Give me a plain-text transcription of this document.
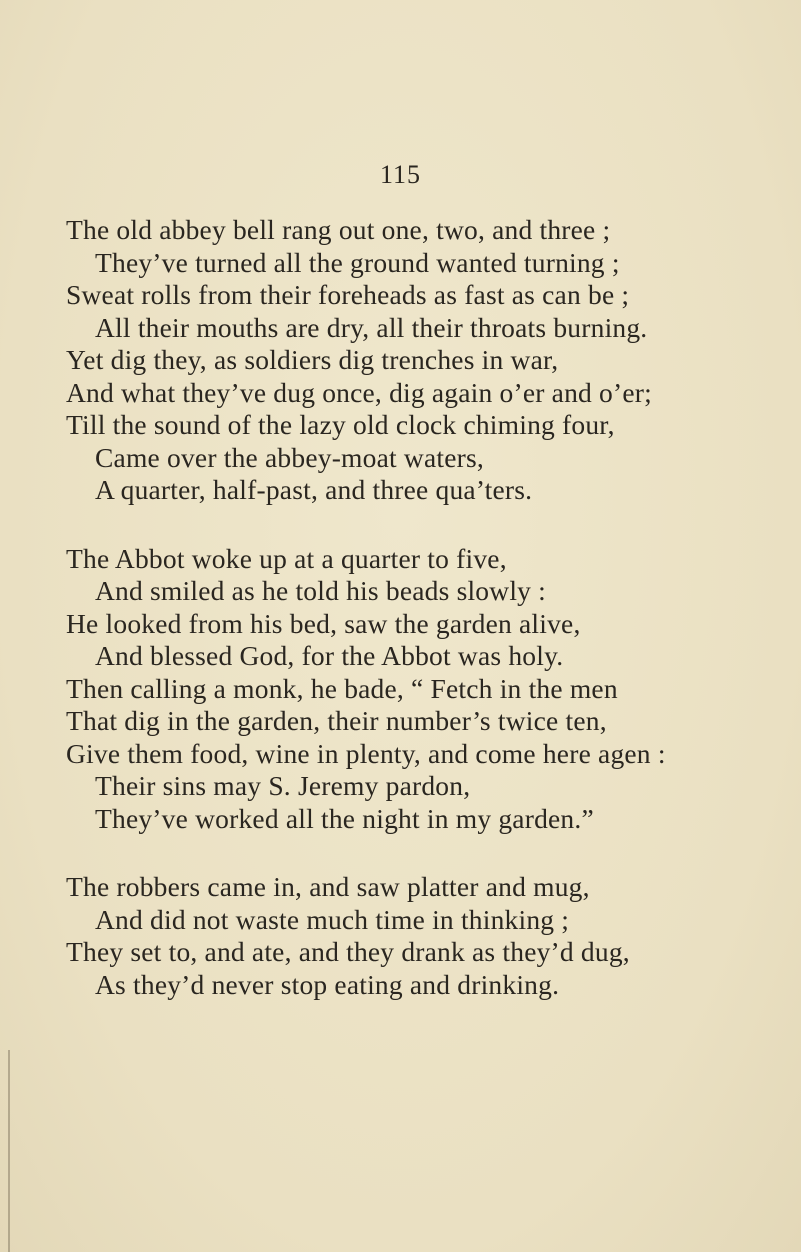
115
The old abbey bell rang out one, two, and three ;
They’ve turned all the ground wanted turning ;
Sweat rolls from their foreheads as fast as can be ;
All their mouths are dry, all their throats burning.
Yet dig they, as soldiers dig trenches in war,
And what they’ve dug once, dig again o’er and o’er;
Till the sound of the lazy old clock chiming four,
Came over the abbey-moat waters,
A quarter, half-past, and three qua’ters.
The Abbot woke up at a quarter to five,
And smiled as he told his beads slowly :
He looked from his bed, saw the garden alive,
And blessed God, for the Abbot was holy.
Then calling a monk, he bade, “ Fetch in the men
That dig in the garden, their number’s twice ten,
Give them food, wine in plenty, and come here agen :
Their sins may S. Jeremy pardon,
They’ve worked all the night in my garden.”
The robbers came in, and saw platter and mug,
And did not waste much time in thinking ;
They set to, and ate, and they drank as they’d dug,
As they’d never stop eating and drinking.
